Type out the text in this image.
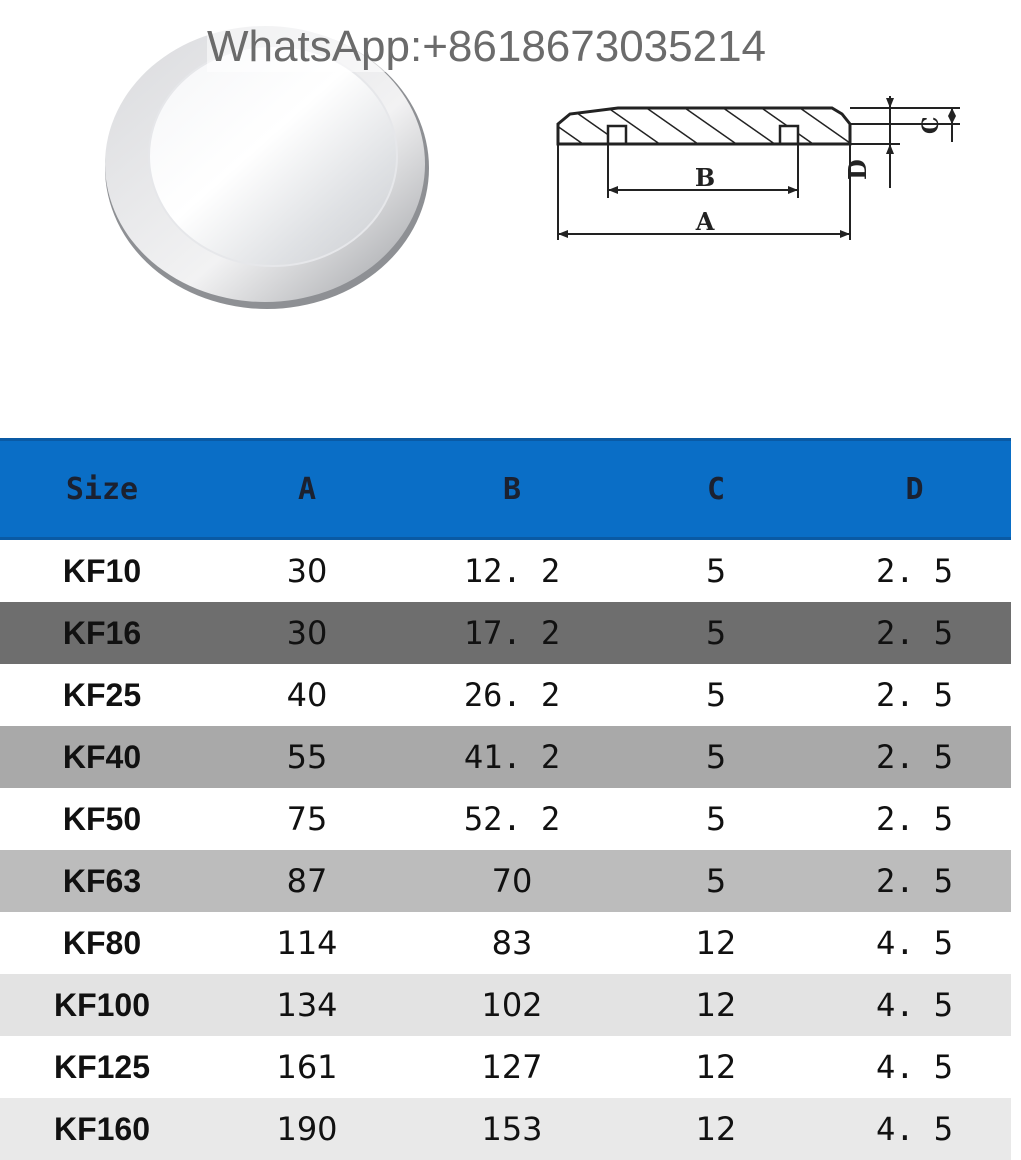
WhatsApp:+8618673035214
B
A
D
C
Size	A	B	C	D
KF10	30	12. 2	5	2. 5
KF16	30	17. 2	5	2. 5
KF25	40	26. 2	5	2. 5
KF40	55	41. 2	5	2. 5
KF50	75	52. 2	5	2. 5
KF63	87	70	5	2. 5
KF80	114	83	12	4. 5
KF100	134	102	12	4. 5
KF125	161	127	12	4. 5
KF160	190	153	12	4. 5
